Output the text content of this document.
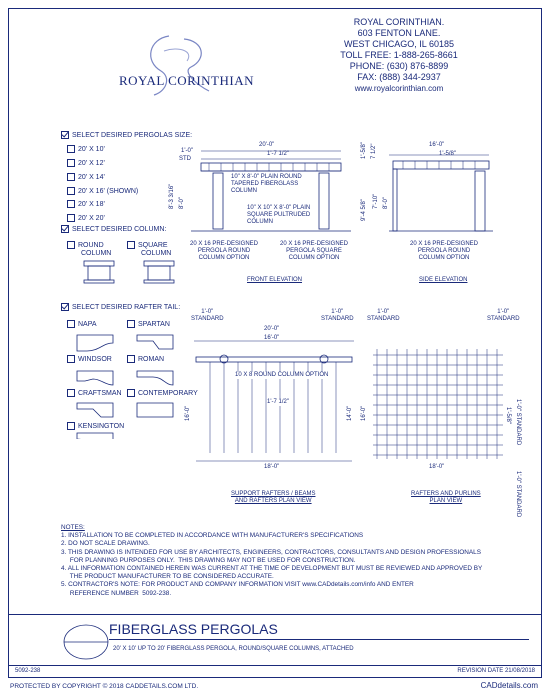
ROYAL CORINTHIAN
ROYAL CORINTHIAN.
603 FENTON LANE.
WEST CHICAGO, IL 60185
TOLL FREE: 1-888-265-8661
PHONE: (630) 876-8899
FAX: (888) 344-2937
www.royalcorinthian.com
SELECT DESIRED PERGOLAS SIZE:
20' X 10'
20' X 12'
20' X 14'
20' X 16' (SHOWN)
20' X 18'
20' X 20'
SELECT DESIRED COLUMN:
ROUND
COLUMN
SQUARE
COLUMN
SELECT DESIRED RAFTER TAIL:
NAPA	SPARTAN
WINDSOR	ROMAN
CRAFTSMAN	CONTEMPORARY
KENSINGTON
20'-0"
1'-7 1/2"
1'-0"
STD
10" X 8'-0" PLAIN ROUND
TAPERED FIBERGLASS
COLUMN
10" X 10" X 8'-0" PLAIN
SQUARE PULTRUDED
COLUMN
8'-3 3/16" 8'-0"
20 X 16 PRE-DESIGNED
PERGOLA ROUND
COLUMN OPTION
20 X 16 PRE-DESIGNED
PERGOLA SQUARE
COLUMN OPTION
FRONT ELEVATION
16'-0"
1'-5/8"
1'-5/8" 7 1/2"
9'-4 5/8" 7'-10" 8'-0"
20 X 16 PRE-DESIGNED
PERGOLA ROUND
COLUMN OPTION
SIDE ELEVATION
1'-0"
STANDARD
1'-0"
STANDARD
20'-0"
16'-0"
10 X 8 ROUND COLUMN OPTION
1'-7 1/2"
16'-0"	14'-0"
18'-0"
SUPPORT RAFTERS / BEAMS
AND RAFTERS PLAN VIEW
1'-0"
STANDARD
1'-0"
STANDARD
16'-0"
18'-0"
1'-0" STANDARD
1'-5/8"
1'-0" STANDARD
RAFTERS AND PURLINS
PLAN VIEW
NOTES:
1. INSTALLATION TO BE COMPLETED IN ACCORDANCE WITH MANUFACTURER'S SPECIFICATIONS
2. DO NOT SCALE DRAWING.
3. THIS DRAWING IS INTENDED FOR USE BY ARCHITECTS, ENGINEERS, CONTRACTORS, CONSULTANTS AND DESIGN PROFESSIONALS
FOR PLANNING PURPOSES ONLY.  THIS DRAWING MAY NOT BE USED FOR CONSTRUCTION.
4. ALL INFORMATION CONTAINED HEREIN WAS CURRENT AT THE TIME OF DEVELOPMENT BUT MUST BE REVIEWED AND APPROVED BY
THE PRODUCT MANUFACTURER TO BE CONSIDERED ACCURATE.
5. CONTRACTOR'S NOTE: FOR PRODUCT AND COMPANY INFORMATION VISIT www.CADdetails.com/info AND ENTER
REFERENCE NUMBER  5092-238.
FIBERGLASS PERGOLAS
20' X 10' UP TO 20' FIBERGLASS PERGOLA, ROUND/SQUARE COLUMNS, ATTACHED
5092-238	REVISION DATE 21/08/2018
PROTECTED BY COPYRIGHT © 2018 CADDETAILS.COM LTD.	CADdetails.com
